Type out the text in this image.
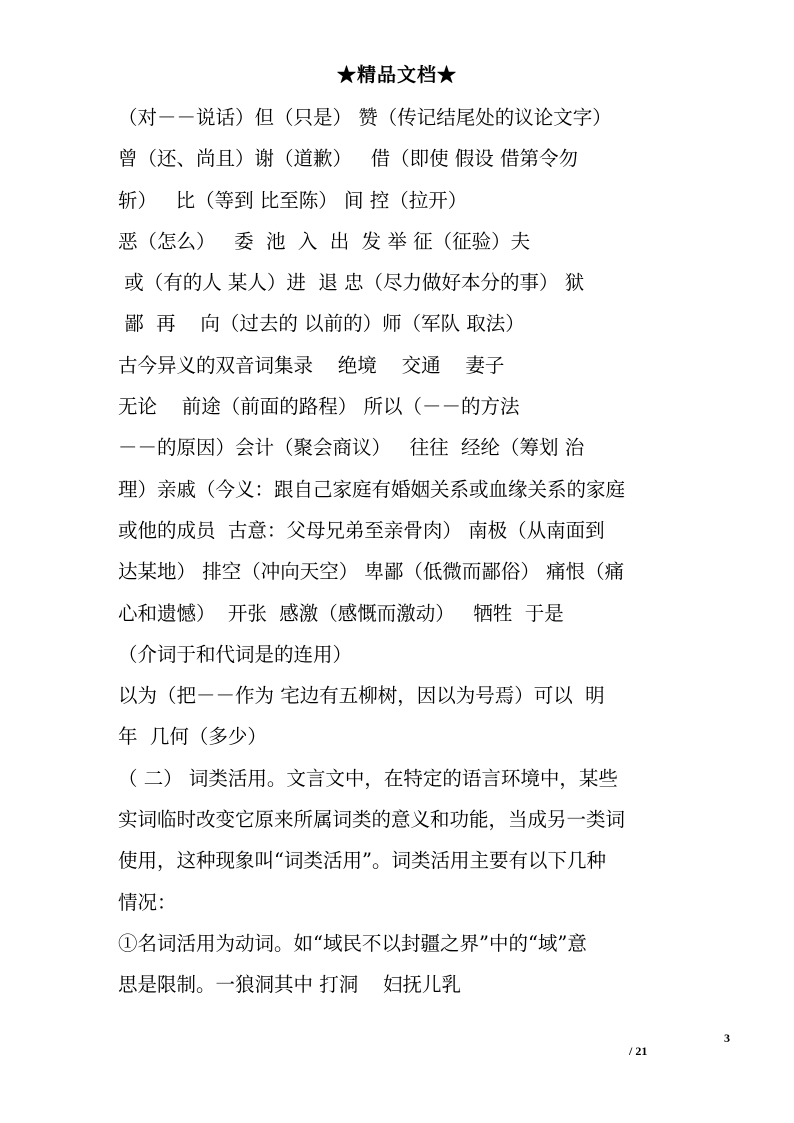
★精品文档★
（对－－说话）但（只是） 赞（传记结尾处的议论文字）
曾（还、尚且）谢（道歉）   借（即使 假设 借第令勿
斩）   比（等到 比至陈） 间 控（拉开）
恶（怎么）   委  池  入  出  发 举 征（征验）夫
或（有的人 某人）进  退 忠（尽力做好本分的事） 狱
鄙  再    向（过去的 以前的）师（军队 取法）
古今异义的双音词集录    绝境    交通    妻子
无论    前途（前面的路程） 所以（－－的方法
－－的原因）会计（聚会商议）   往往  经纶（筹划 治
理）亲戚（今义：跟自己家庭有婚姻关系或血缘关系的家庭
或他的成员  古意：父母兄弟至亲骨肉） 南极（从南面到
达某地） 排空（冲向天空） 卑鄙（低微而鄙俗） 痛恨（痛
心和遗憾）  开张  感激（感慨而激动）   牺牲  于是
（介词于和代词是的连用）
以为（把－－作为 宅边有五柳树，因以为号焉）可以  明
年  几何（多少）
（ 二） 词类活用。文言文中，在特定的语言环境中，某些
实词临时改变它原来所属词类的意义和功能，当成另一类词
使用，这种现象叫“词类活用”。词类活用主要有以下几种
情况：
①名词活用为动词。如“域民不以封疆之界”中的“域”意
思是限制。一狼洞其中 打洞    妇抚儿乳
3
/ 21
